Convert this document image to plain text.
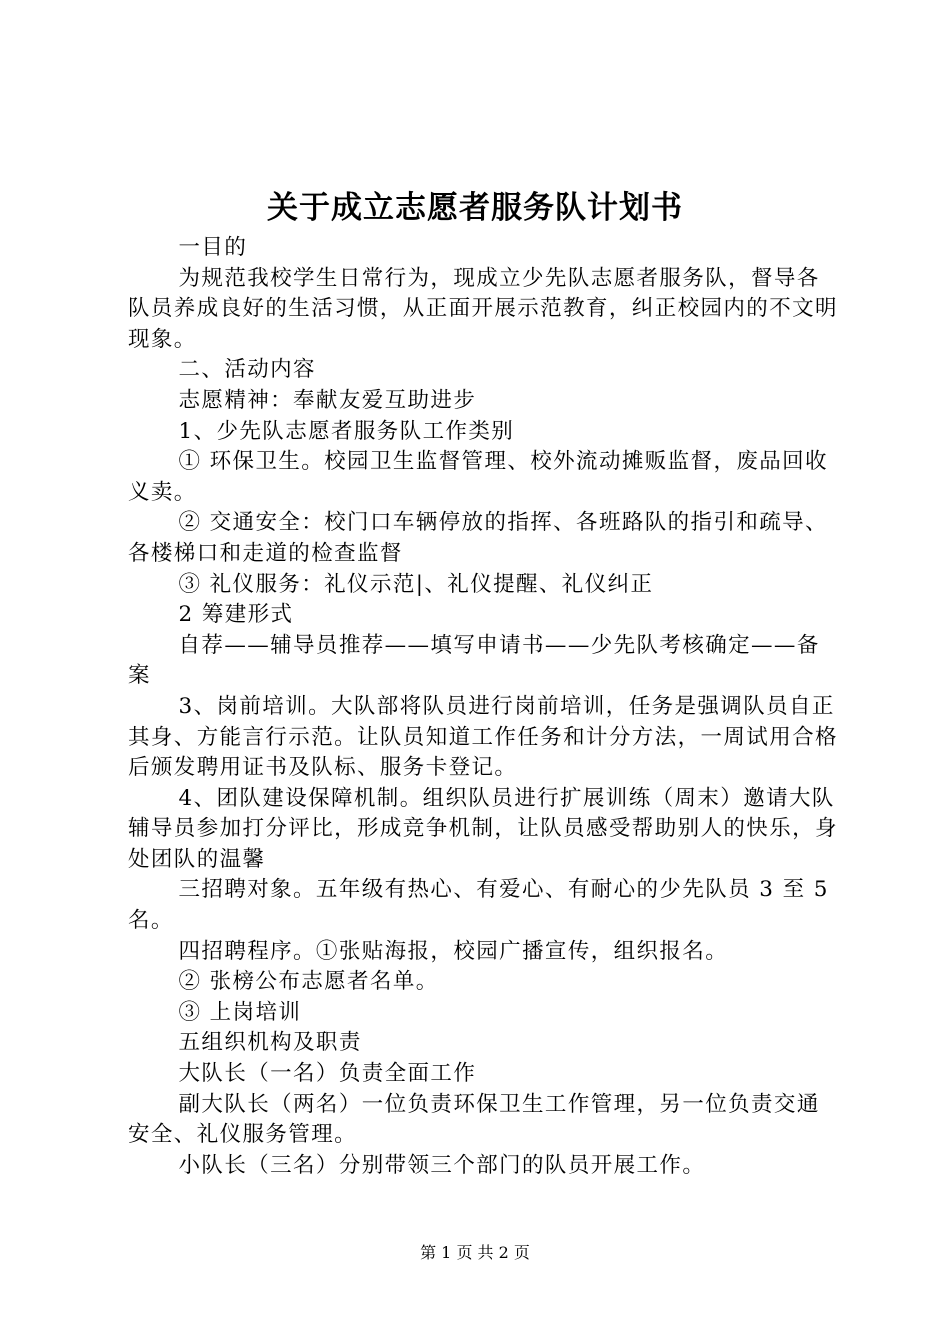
关于成立志愿者服务队计划书

一目的

为规范我校学生日常行为，现成立少先队志愿者服务队，督导各队员养成良好的生活习惯，从正面开展示范教育，纠正校园内的不文明现象。

二、活动内容

志愿精神：奉献友爱互助进步

1、少先队志愿者服务队工作类别

① 环保卫生。校园卫生监督管理、校外流动摊贩监督，废品回收义卖。

② 交通安全：校门口车辆停放的指挥、各班路队的指引和疏导、各楼梯口和走道的检查监督

③ 礼仪服务：礼仪示范|、礼仪提醒、礼仪纠正

2 筹建形式

自荐——辅导员推荐——填写申请书——少先队考核确定——备案

3、岗前培训。大队部将队员进行岗前培训，任务是强调队员自正其身、方能言行示范。让队员知道工作任务和计分方法，一周试用合格后颁发聘用证书及队标、服务卡登记。

4、团队建设保障机制。组织队员进行扩展训练（周末）邀请大队辅导员参加打分评比，形成竞争机制，让队员感受帮助别人的快乐，身处团队的温馨

三招聘对象。五年级有热心、有爱心、有耐心的少先队员 3 至 5 名。

四招聘程序。①张贴海报，校园广播宣传，组织报名。

② 张榜公布志愿者名单。

③ 上岗培训

五组织机构及职责

大队长（一名）负责全面工作

副大队长（两名）一位负责环保卫生工作管理，另一位负责交通安全、礼仪服务管理。

小队长（三名）分别带领三个部门的队员开展工作。

第 1 页 共 2 页
